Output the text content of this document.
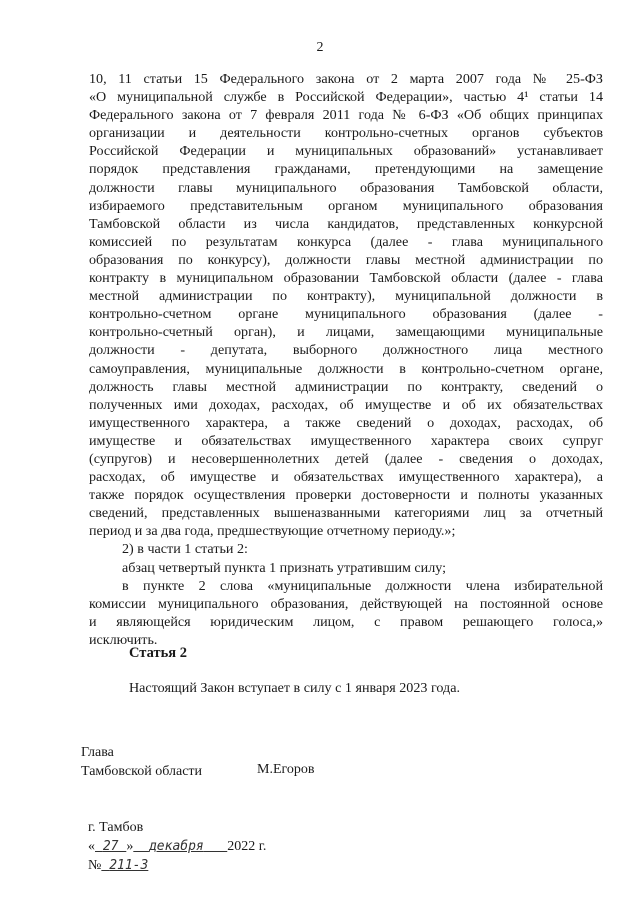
2
10, 11 статьи 15 Федерального закона от 2 марта 2007 года № 25-ФЗ
«О муниципальной службе в Российской Федерации», частью 4¹ статьи 14
Федерального закона от 7 февраля 2011 года № 6-ФЗ «Об общих принципах
организации и деятельности контрольно-счетных органов субъектов
Российской Федерации и муниципальных образований» устанавливает
порядок представления гражданами, претендующими на замещение
должности главы муниципального образования Тамбовской области,
избираемого представительным органом муниципального образования
Тамбовской области из числа кандидатов, представленных конкурсной
комиссией по результатам конкурса (далее - глава муниципального
образования по конкурсу), должности главы местной администрации по
контракту в муниципальном образовании Тамбовской области (далее - глава
местной администрации по контракту), муниципальной должности в
контрольно-счетном органе муниципального образования (далее -
контрольно-счетный орган), и лицами, замещающими муниципальные
должности - депутата, выборного должностного лица местного
самоуправления, муниципальные должности в контрольно-счетном органе,
должность главы местной администрации по контракту, сведений о
полученных ими доходах, расходах, об имуществе и об их обязательствах
имущественного характера, а также сведений о доходах, расходах, об
имуществе и обязательствах имущественного характера своих супруг
(супругов) и несовершеннолетних детей (далее - сведения о доходах,
расходах, об имуществе и обязательствах имущественного характера), а
также порядок осуществления проверки достоверности и полноты указанных
сведений, представленных вышеназванными категориями лиц за отчетный
период и за два года, предшествующие отчетному периоду.»;
2) в части 1 статьи 2:
абзац четвертый пункта 1 признать утратившим силу;
в пункте 2 слова «муниципальные должности члена избирательной
комиссии муниципального образования, действующей на постоянной основе
и являющейся юридическим лицом, с правом решающего голоса,»
исключить.
Статья 2
Настоящий Закон вступает в силу с 1 января 2023 года.
Глава
Тамбовской области	М.Егоров
г. Тамбов
« 27 » декабря 2022 г.
№ 211-З
